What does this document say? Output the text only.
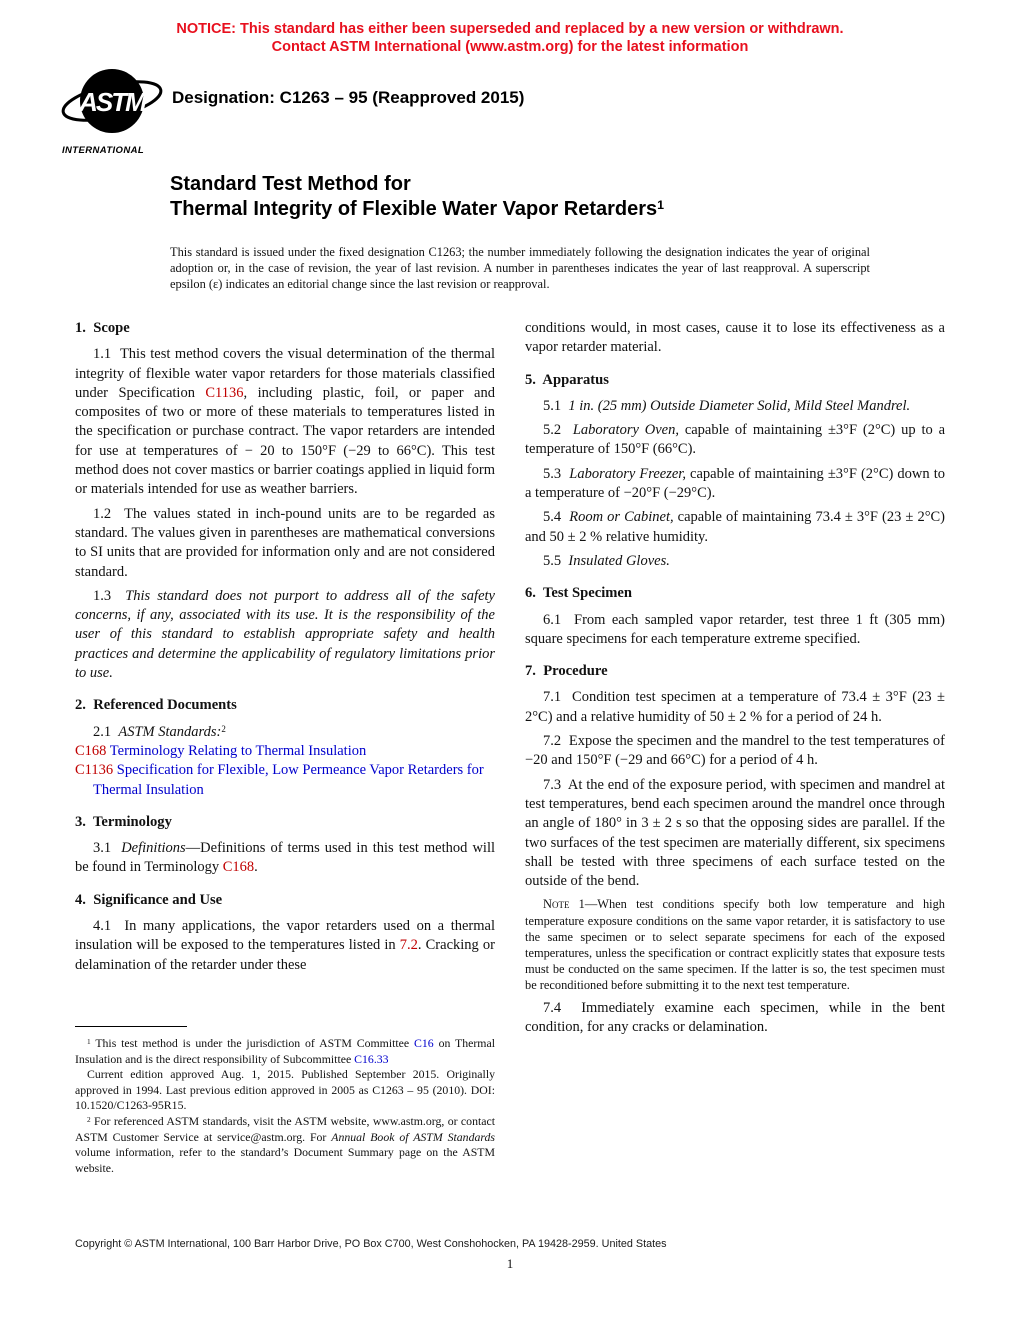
NOTICE: This standard has either been superseded and replaced by a new version or withdrawn.
Contact ASTM International (www.astm.org) for the latest information
ASTM
INTERNATIONAL
Designation: C1263 – 95 (Reapproved 2015)
Standard Test Method for
Thermal Integrity of Flexible Water Vapor Retarders$^1$
This standard is issued under the fixed designation C1263; the number immediately following the designation indicates the year of original adoption or, in the case of revision, the year of last revision. A number in parentheses indicates the year of last reapproval. A superscript epsilon (ε) indicates an editorial change since the last revision or reapproval.
1.  Scope

1.1  This test method covers the visual determination of the thermal integrity of flexible water vapor retarders for those materials classified under Specification C1136, including plastic, foil, or paper and composites of two or more of these materials to temperatures listed in the specification or purchase contract. The vapor retarders are intended for use at temperatures of − 20 to 150°F (−29 to 66°C). This test method does not cover mastics or barrier coatings applied in liquid form or materials intended for use as weather barriers.

1.2  The values stated in inch-pound units are to be regarded as standard. The values given in parentheses are mathematical conversions to SI units that are provided for information only and are not considered standard.

1.3  This standard does not purport to address all of the safety concerns, if any, associated with its use. It is the responsibility of the user of this standard to establish appropriate safety and health practices and determine the applicability of regulatory limitations prior to use.

2.  Referenced Documents

2.1  ASTM Standards:$^2$

C168 Terminology Relating to Thermal Insulation

C1136 Specification for Flexible, Low Permeance Vapor Retarders for Thermal Insulation

3.  Terminology

3.1  Definitions—Definitions of terms used in this test method will be found in Terminology C168.

4.  Significance and Use

4.1  In many applications, the vapor retarders used on a thermal insulation will be exposed to the temperatures listed in 7.2. Cracking or delamination of the retarder under these

conditions would, in most cases, cause it to lose its effectiveness as a vapor retarder material.

5.  Apparatus

5.1  1 in. (25 mm) Outside Diameter Solid, Mild Steel Mandrel.

5.2  Laboratory Oven, capable of maintaining ±3°F (2°C) up to a temperature of 150°F (66°C).

5.3  Laboratory Freezer, capable of maintaining ±3°F (2°C) down to a temperature of −20°F (−29°C).

5.4  Room or Cabinet, capable of maintaining 73.4 ± 3°F (23 ± 2°C) and 50 ± 2 % relative humidity.

5.5  Insulated Gloves.

6.  Test Specimen

6.1  From each sampled vapor retarder, test three 1 ft (305 mm) square specimens for each temperature extreme specified.

7.  Procedure

7.1  Condition test specimen at a temperature of 73.4 ± 3°F (23 ± 2°C) and a relative humidity of 50 ± 2 % for a period of 24 h.

7.2  Expose the specimen and the mandrel to the test temperatures of −20 and 150°F (−29 and 66°C) for a period of 4 h.

7.3  At the end of the exposure period, with specimen and mandrel at test temperatures, bend each specimen around the mandrel once through an angle of 180° in 3 ± 2 s so that the opposing sides are parallel. If the two surfaces of the test specimen are materially different, six specimens shall be tested with three specimens of each surface tested on the outside of the bend.

Note 1—When test conditions specify both low temperature and high temperature exposure conditions on the same vapor retarder, it is satisfactory to use the same specimen or to select separate specimens for each of the exposed temperatures, unless the specification or contract explicitly states that exposure tests must be conducted on the same specimen. If the latter is so, the test specimen must be reconditioned before submitting it to the next test temperature.

7.4  Immediately examine each specimen, while in the bent condition, for any cracks or delamination.

$^1$ This test method is under the jurisdiction of ASTM Committee C16 on Thermal Insulation and is the direct responsibility of Subcommittee C16.33

Current edition approved Aug. 1, 2015. Published September 2015. Originally approved in 1994. Last previous edition approved in 2005 as C1263 – 95 (2010). DOI: 10.1520/C1263-95R15.

$^2$ For referenced ASTM standards, visit the ASTM website, www.astm.org, or contact ASTM Customer Service at service@astm.org. For Annual Book of ASTM Standards volume information, refer to the standard’s Document Summary page on the ASTM website.

Copyright © ASTM International, 100 Barr Harbor Drive, PO Box C700, West Conshohocken, PA 19428-2959. United States
1
